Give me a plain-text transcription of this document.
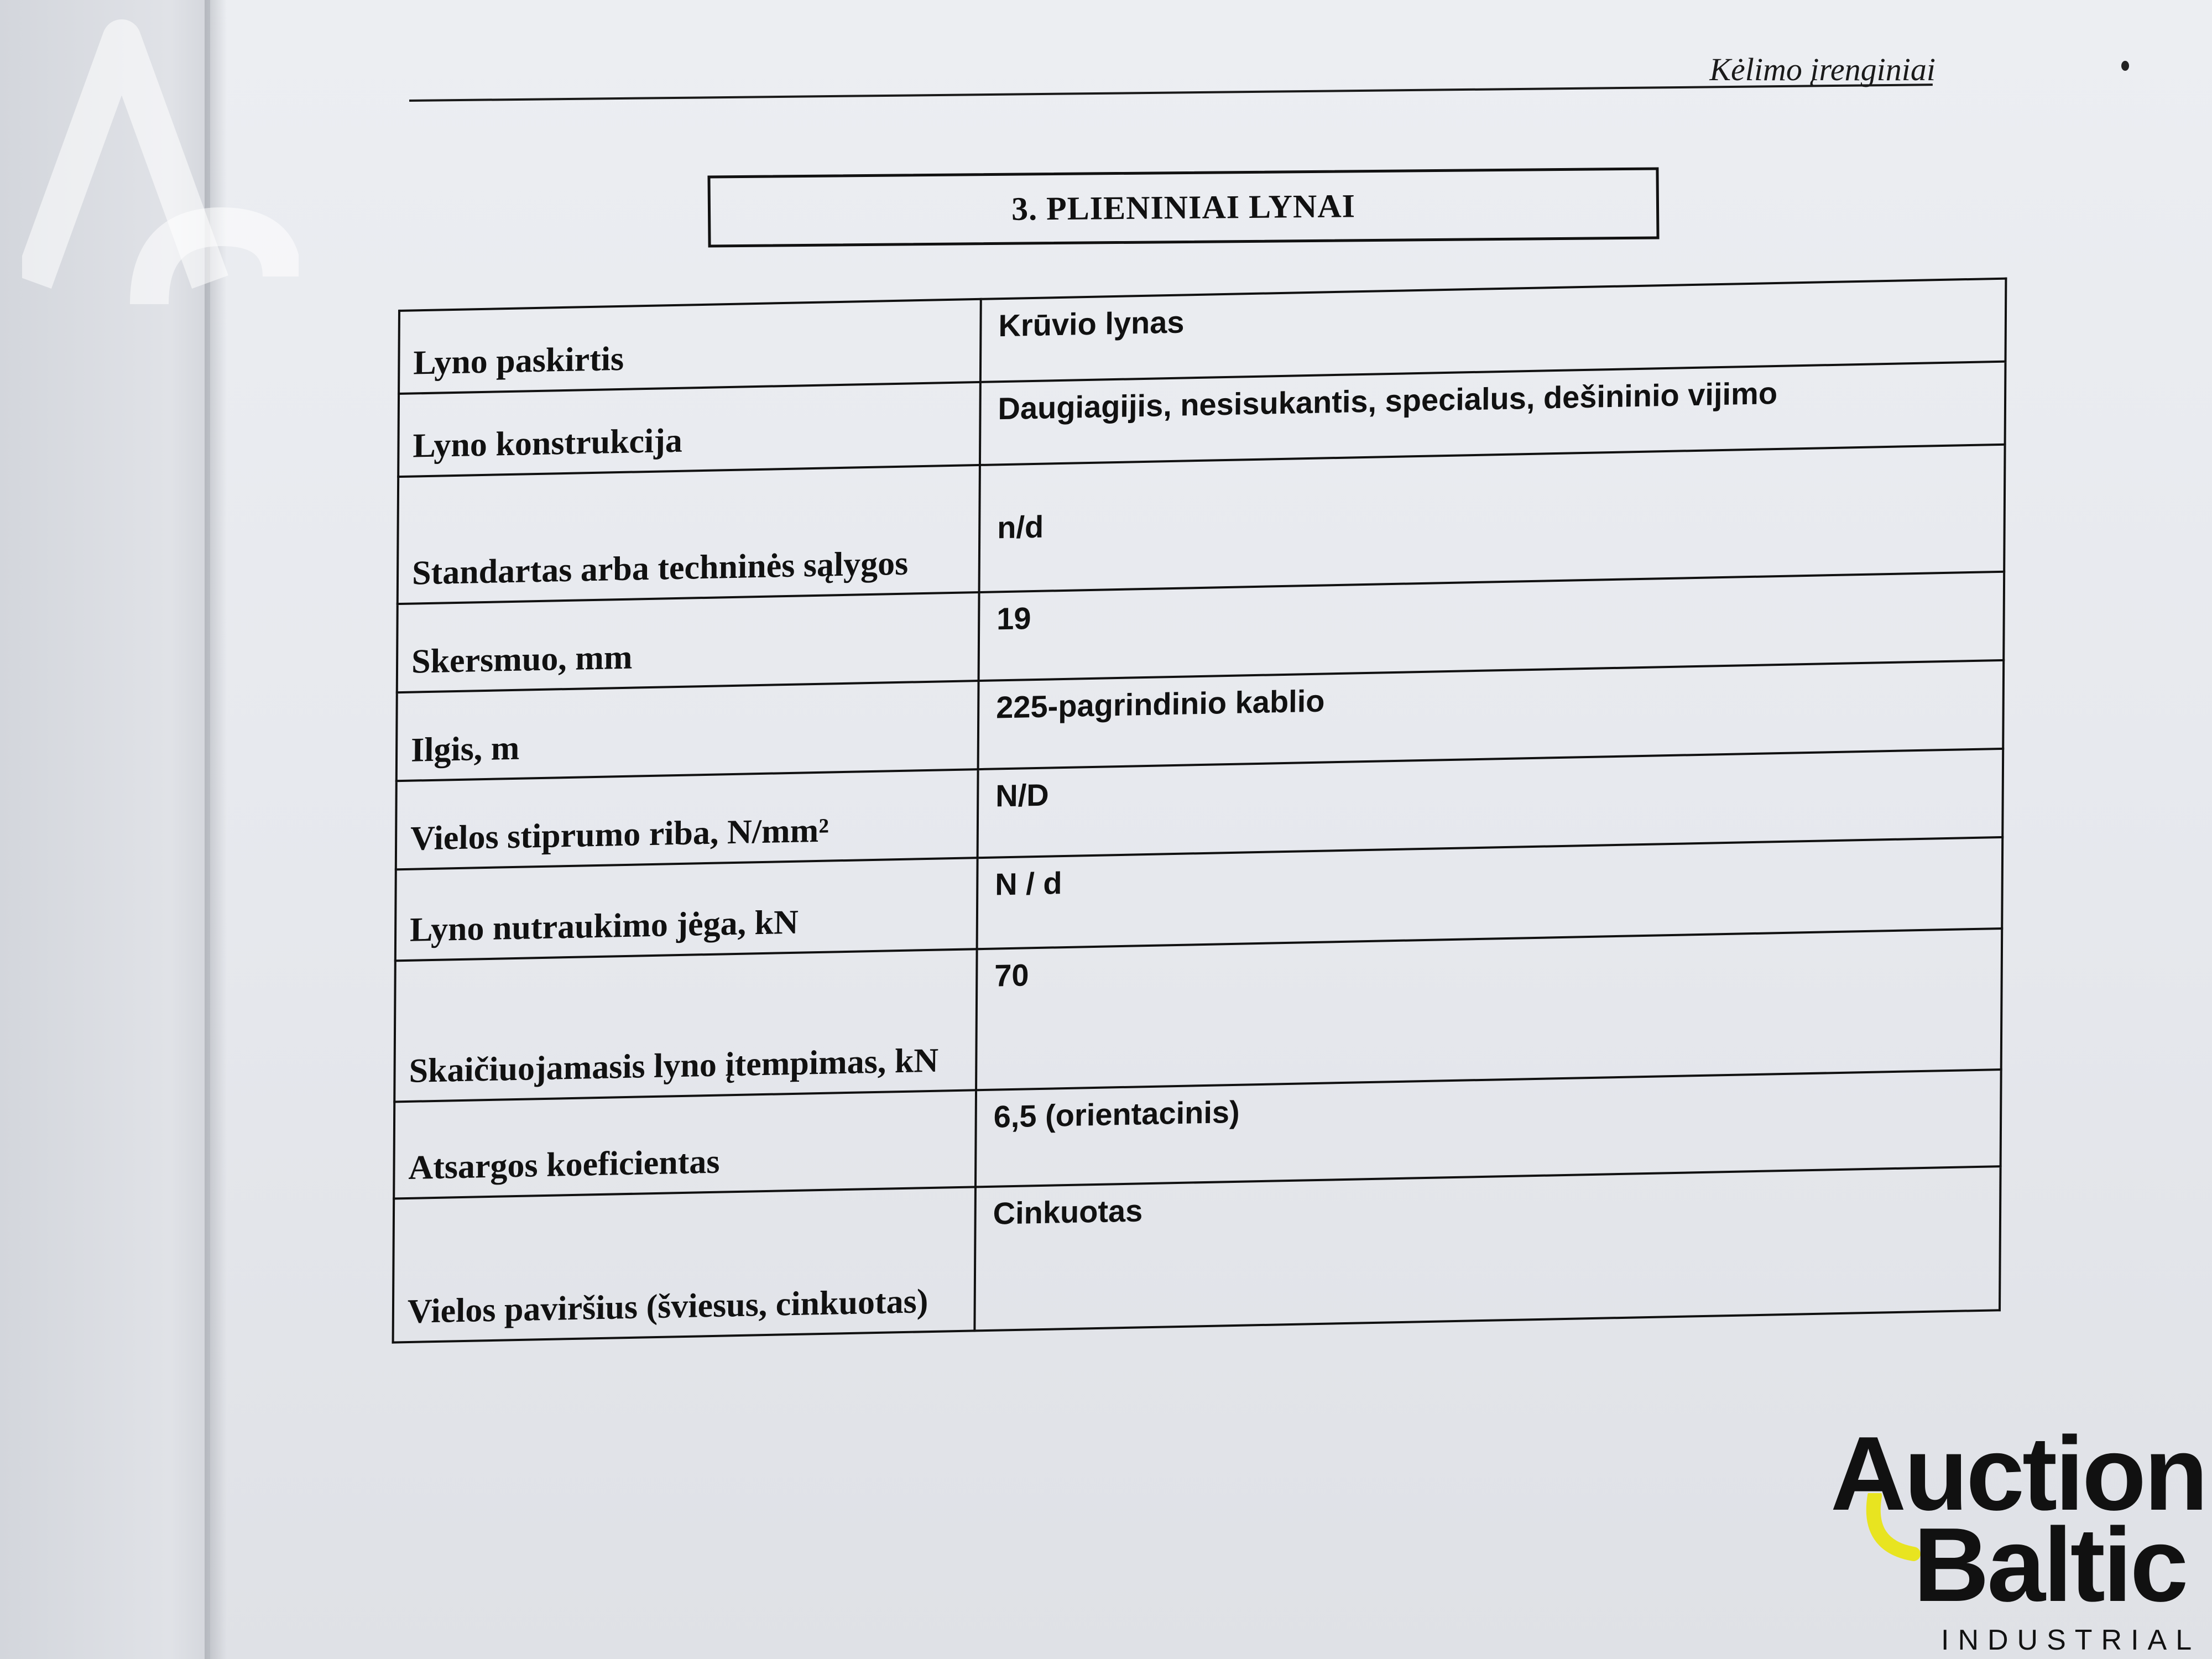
Kėlimo įrenginiai
3. PLIENINIAI LYNAI
Lyno paskirtis	Krūvio lynas
Lyno konstrukcija	Daugiagijis, nesisukantis, specialus, dešininio vijimo
Standartas arba techninės sąlygos	n/d
Skersmuo, mm	19
Ilgis, m	225-pagrindinio kablio
Vielos stiprumo riba, N/mm²	N/D
Lyno nutraukimo jėga, kN	N / d
Skaičiuojamasis lyno įtempimas, kN	70
Atsargos koeficientas	6,5 (orientacinis)
Vielos paviršius (šviesus, cinkuotas)	Cinkuotas
Auction
Baltic
INDUSTRIAL
